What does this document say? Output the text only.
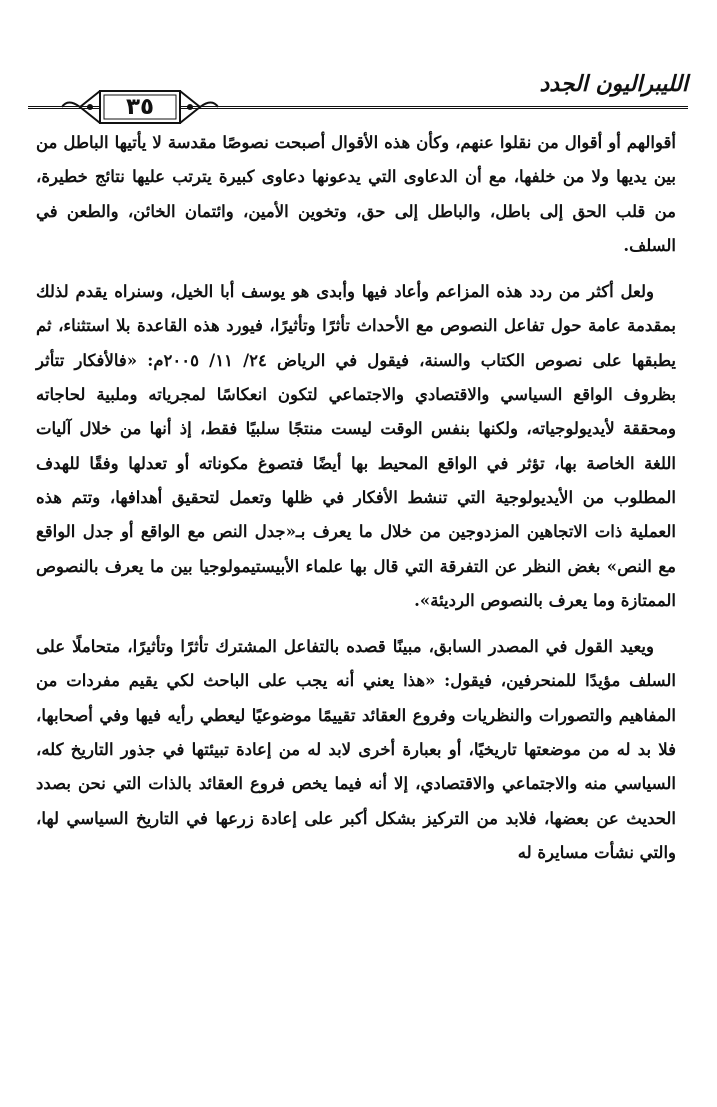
الليبراليون الجدد
٣٥

أقوالهم أو أقوال من نقلوا عنهم، وكأن هذه الأقوال أصبحت نصوصًا مقدسة لا يأتيها الباطل من بين يديها ولا من خلفها، مع أن الدعاوى التي يدعونها دعاوى كبيرة يترتب عليها نتائج خطيرة، من قلب الحق إلى باطل، والباطل إلى حق، وتخوين الأمين، وائتمان الخائن، والطعن في السلف.

ولعل أكثر من ردد هذه المزاعم وأعاد فيها وأبدى هو يوسف أبا الخيل، وسنراه يقدم لذلك بمقدمة عامة حول تفاعل النصوص مع الأحداث تأثرًا وتأثيرًا، فيورد هذه القاعدة بلا استثناء، ثم يطبقها على نصوص الكتاب والسنة، فيقول في الرياض ٢٤/ ١١/ ٢٠٠٥م: «فالأفكار تتأثر بظروف الواقع السياسي والاقتصادي والاجتماعي لتكون انعكاسًا لمجرياته وملبية لحاجاته ومحققة لأيديولوجياته، ولكنها بنفس الوقت ليست منتجًا سلبيًا فقط، إذ أنها من خلال آليات اللغة الخاصة بها، تؤثر في الواقع المحيط بها أيضًا فتصوغ مكوناته أو تعدلها وفقًا للهدف المطلوب من الأيديولوجية التي تنشط الأفكار في ظلها وتعمل لتحقيق أهدافها، وتتم هذه العملية ذات الاتجاهين المزدوجين من خلال ما يعرف بـ«جدل النص مع الواقع أو جدل الواقع مع النص» بغض النظر عن التفرقة التي قال بها علماء الأبيستيمولوجيا بين ما يعرف بالنصوص الممتازة وما يعرف بالنصوص الرديئة».

ويعيد القول في المصدر السابق، مبينًا قصده بالتفاعل المشترك تأثرًا وتأثيرًا، متحاملًا على السلف مؤيدًا للمنحرفين، فيقول: «هذا يعني أنه يجب على الباحث لكي يقيم مفردات من المفاهيم والتصورات والنظريات وفروع العقائد تقييمًا موضوعيًا ليعطي رأيه فيها وفي أصحابها، فلا بد له من موضعتها تاريخيًا، أو بعبارة أخرى لابد له من إعادة تبيئتها في جذور التاريخ كله، السياسي منه والاجتماعي والاقتصادي، إلا أنه فيما يخص فروع العقائد بالذات التي نحن بصدد الحديث عن بعضها، فلابد من التركيز بشكل أكبر على إعادة زرعها في التاريخ السياسي لها، والتي نشأت مسايرة له
